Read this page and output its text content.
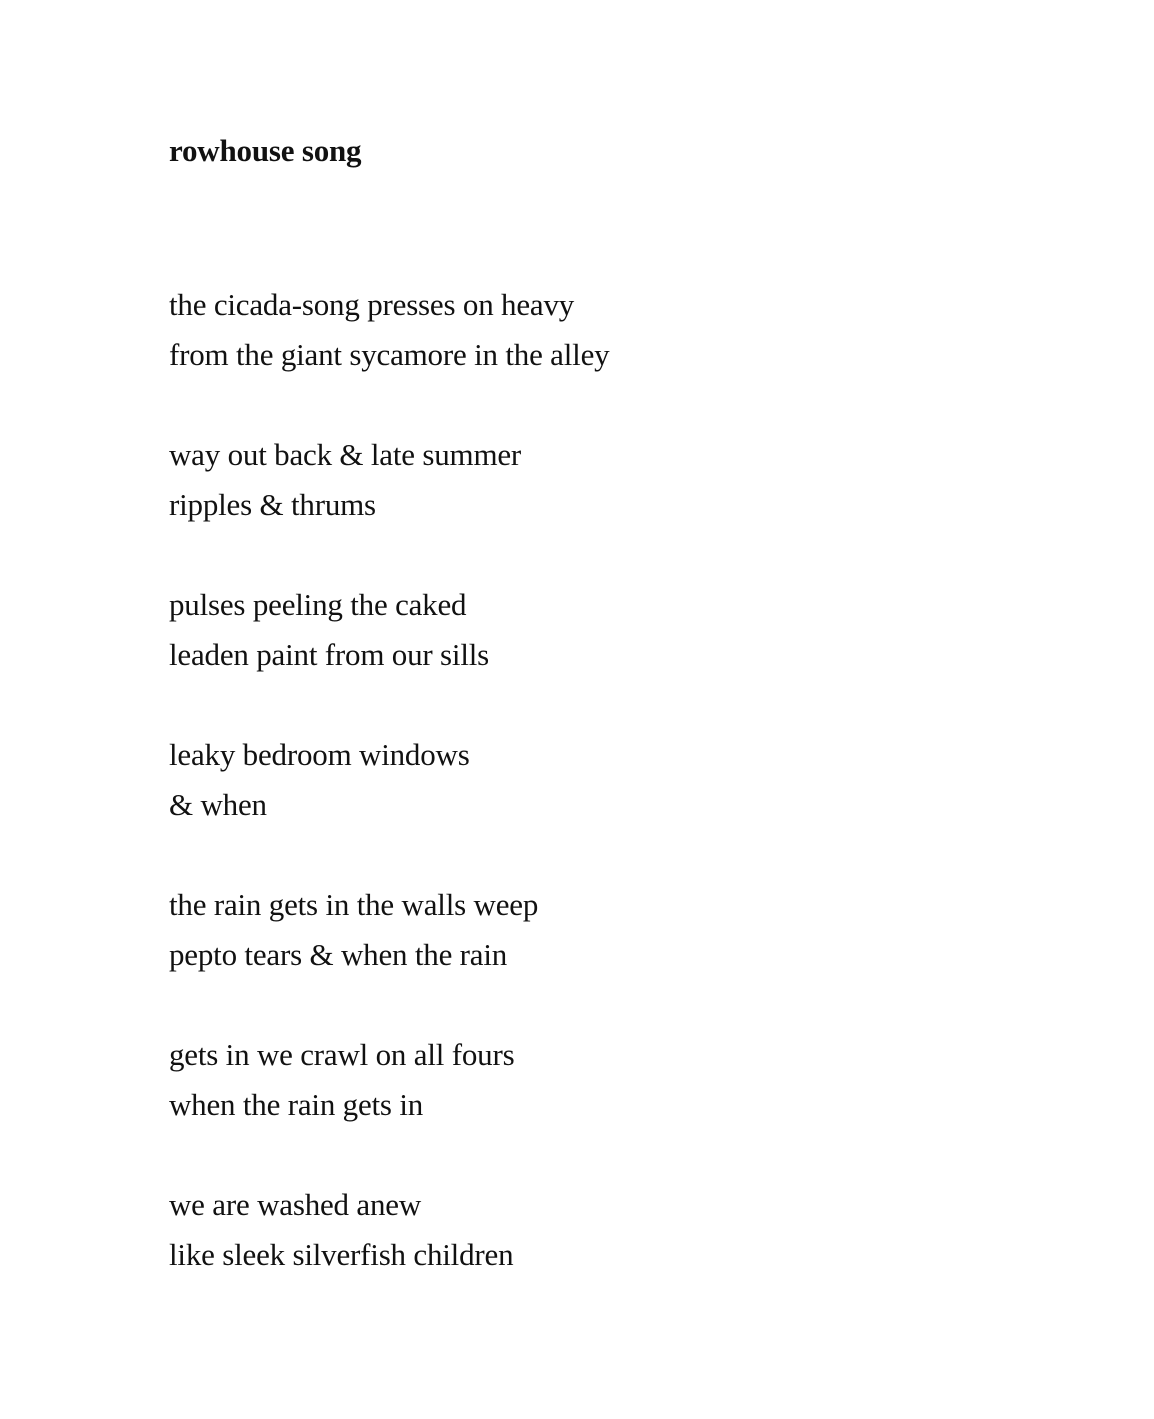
rowhouse song
the cicada-song presses on heavy
from the giant sycamore in the alley
way out back & late summer
ripples & thrums
pulses peeling the caked
leaden paint from our sills
leaky bedroom windows
& when
the rain gets in the walls weep
pepto tears & when the rain
gets in we crawl on all fours
when the rain gets in
we are washed anew
like sleek silverfish children
